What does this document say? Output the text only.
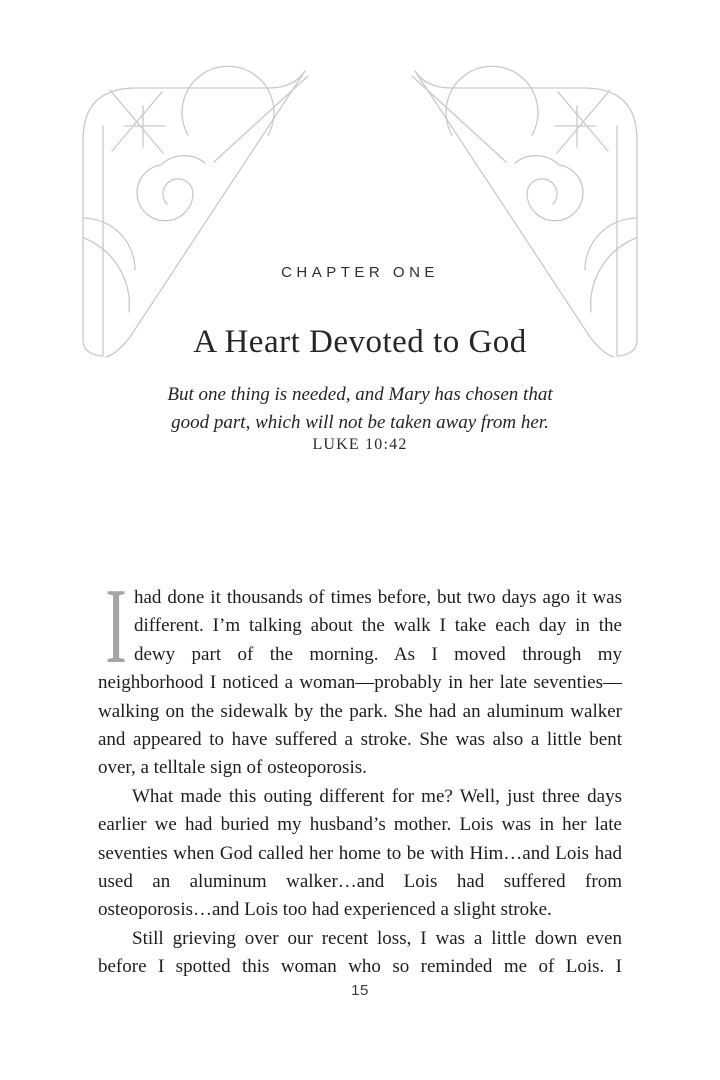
CHAPTER ONE
A Heart Devoted to God
But one thing is needed, and Mary has chosen that
good part, which will not be taken away from her.
LUKE 10:42

Ihad done it thousands of times before, but two days ago it was different. I’m talking about the walk I take each day in the dewy part of the morning. As I moved through my neighborhood I noticed a woman—probably in her late seventies—walking on the sidewalk by the park. She had an aluminum walker and appeared to have suffered a stroke. She was also a little bent over, a telltale sign of osteoporosis.

What made this outing different for me? Well, just three days earlier we had buried my husband’s mother. Lois was in her late seventies when God called her home to be with Him…and Lois had used an aluminum walker…and Lois had suffered from osteoporosis…and Lois too had experienced a slight stroke.

Still grieving over our recent loss, I was a little down even before I spotted this woman who so reminded me of Lois. I

15
